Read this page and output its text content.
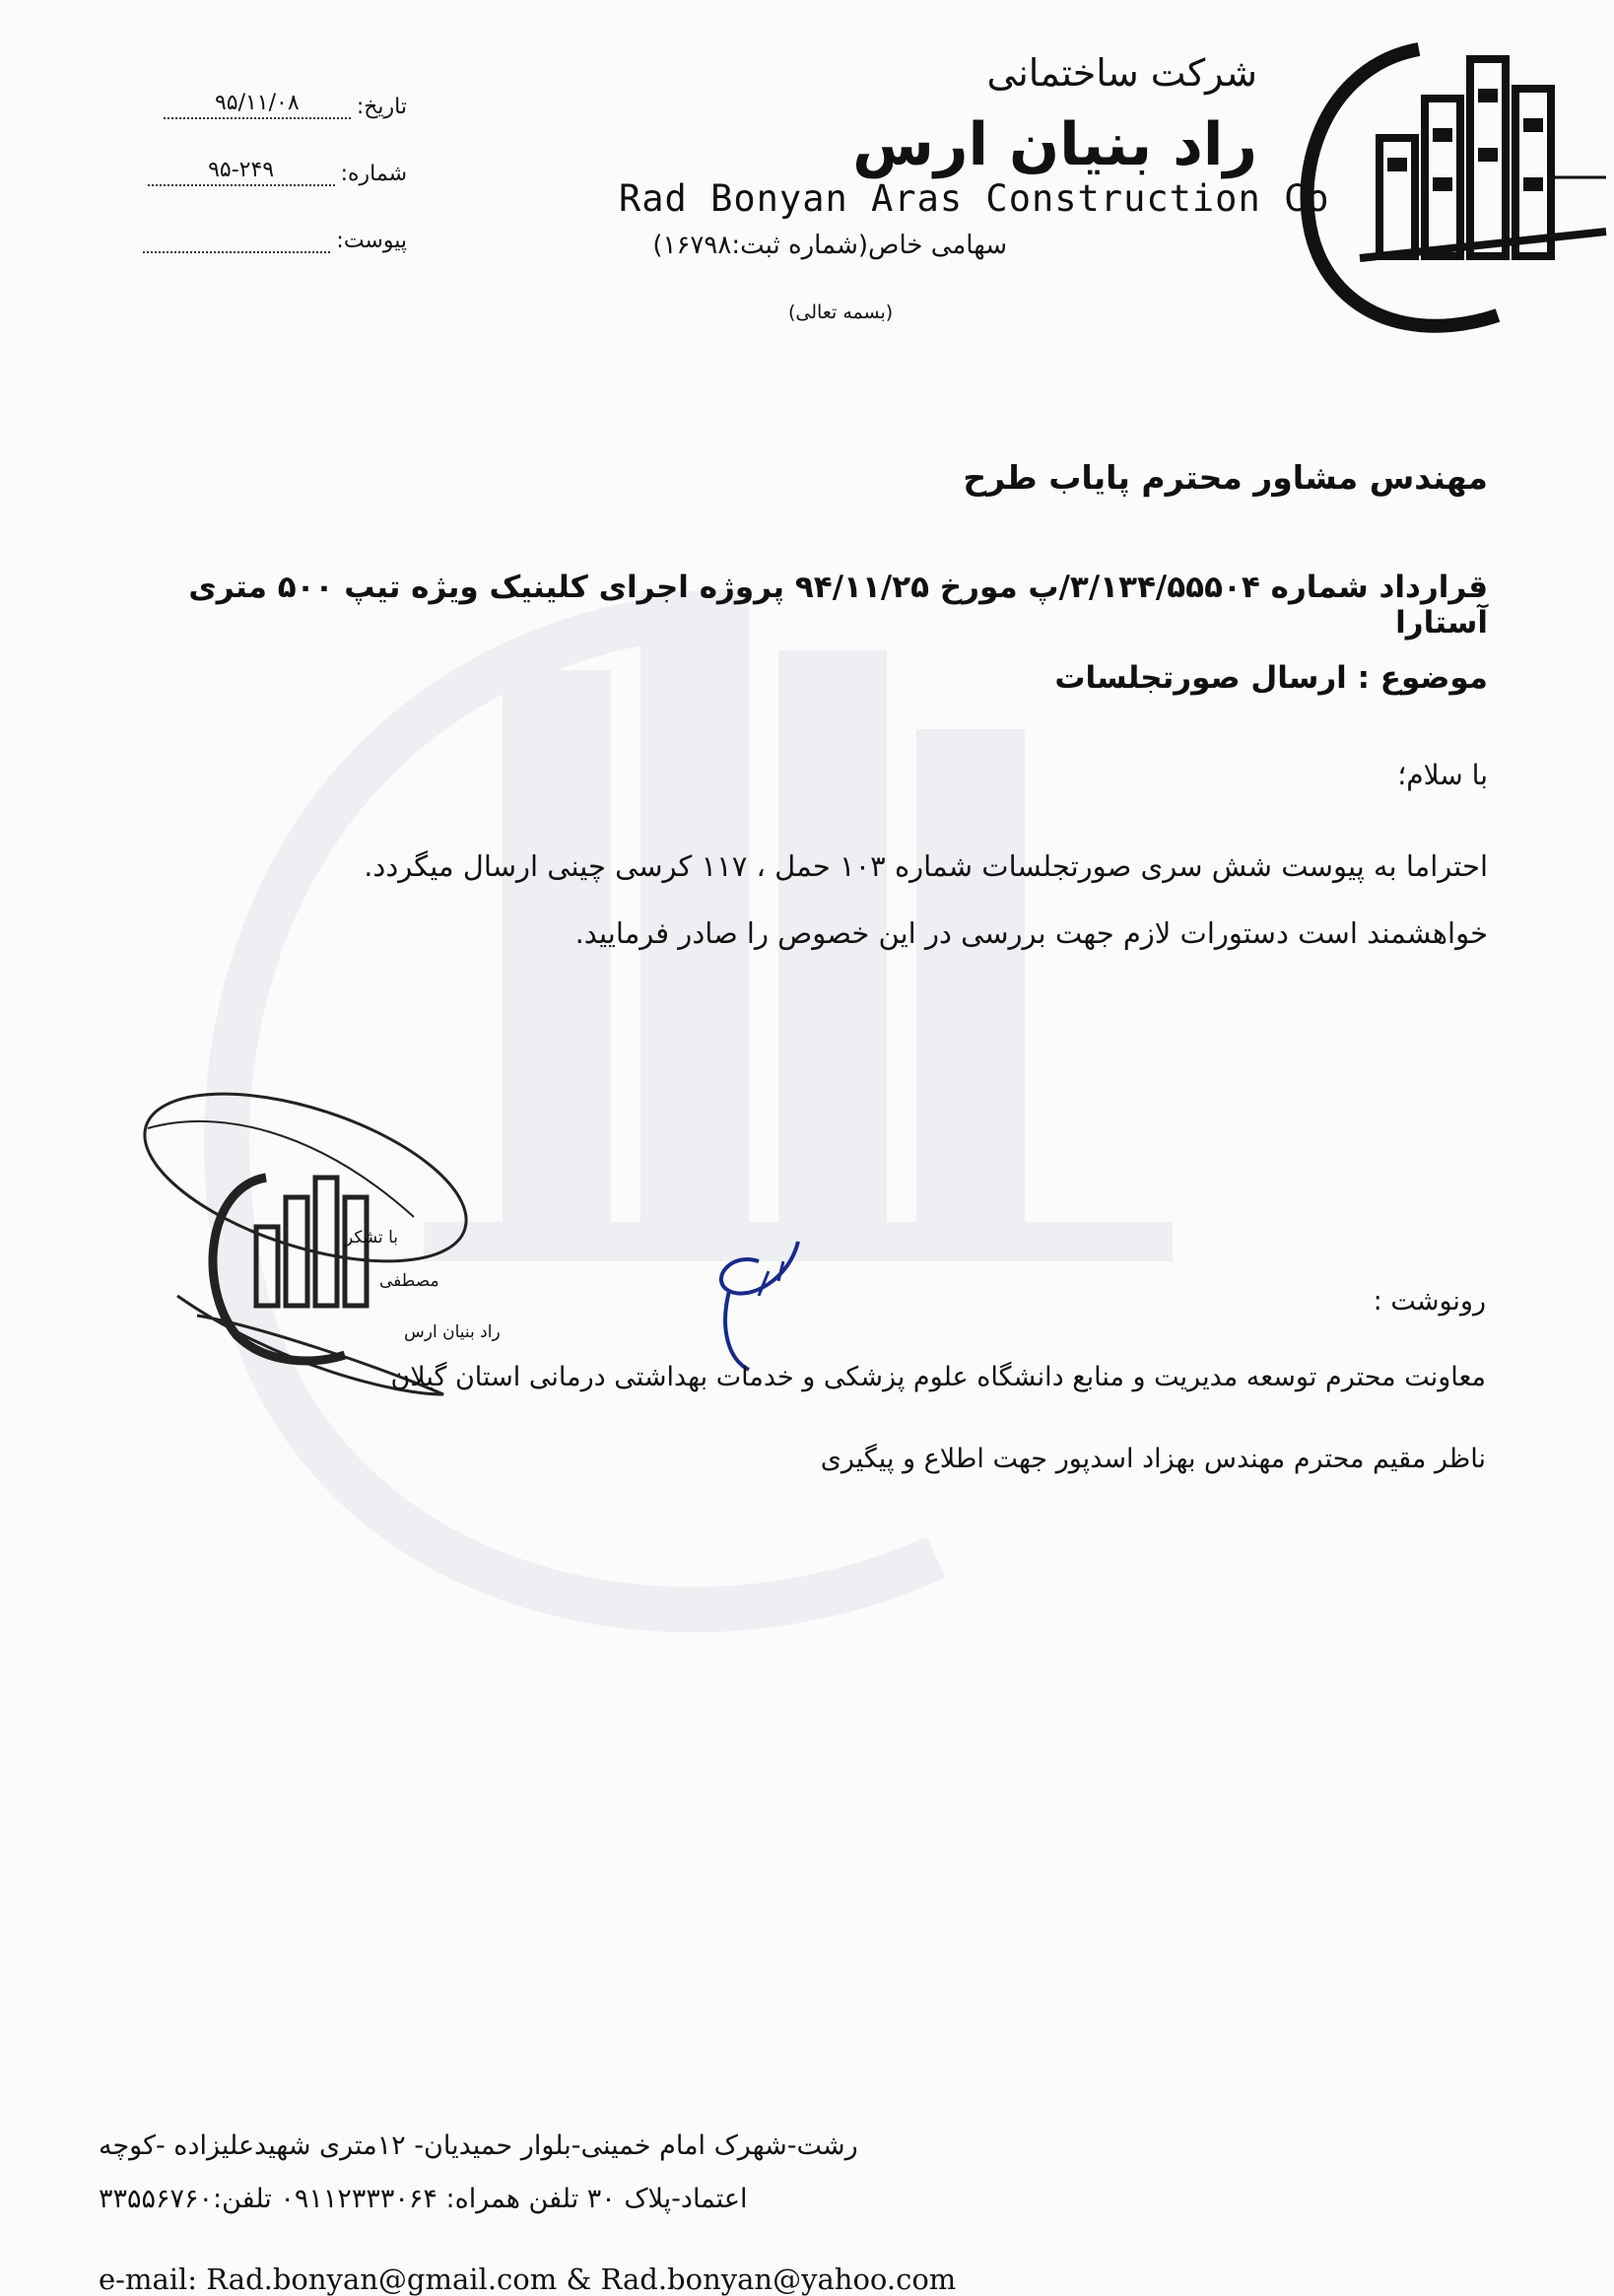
شرکت ساختمانی
راد بنیان ارس
Rad Bonyan Aras Construction Co
سهامی خاص(شماره ثبت:۱۶۷۹۸)
(بسمه تعالی)
تاریخ:
۹۵/۱۱/۰۸
شماره:
۹۵-۲۴۹
پیوست:
مهندس مشاور محترم پایاب طرح
قرارداد شماره ۳/۱۳۴/۵۵۵۰۴/پ مورخ ۹۴/۱۱/۲۵ پروژه اجرای کلینیک ویژه تیپ ۵۰۰ متری آستارا
موضوع : ارسال صورتجلسات
با سلام؛
احتراما به پیوست شش سری صورتجلسات شماره ۱۰۳ حمل ، ۱۱۷ کرسی چینی ارسال میگردد.
خواهشمند است دستورات لازم جهت بررسی در این خصوص را صادر فرمایید.
با تشکر
مصطفی
راد بنیان ارس
رونوشت :
معاونت محترم توسعه مدیریت و منابع دانشگاه علوم پزشکی و خدمات بهداشتی درمانی استان گیلان
ناظر مقیم محترم مهندس بهزاد اسدپور جهت اطلاع و پیگیری
رشت-شهرک امام خمینی-بلوار حمیدیان- ۱۲متری شهیدعلیزاده -کوچه
اعتماد-پلاک ۳۰ تلفن همراه: ۰۹۱۱۲۳۳۳۰۶۴ تلفن:۳۳۵۵۶۷۶۰
e-mail: Rad.bonyan@gmail.com & Rad.bonyan@yahoo.com
